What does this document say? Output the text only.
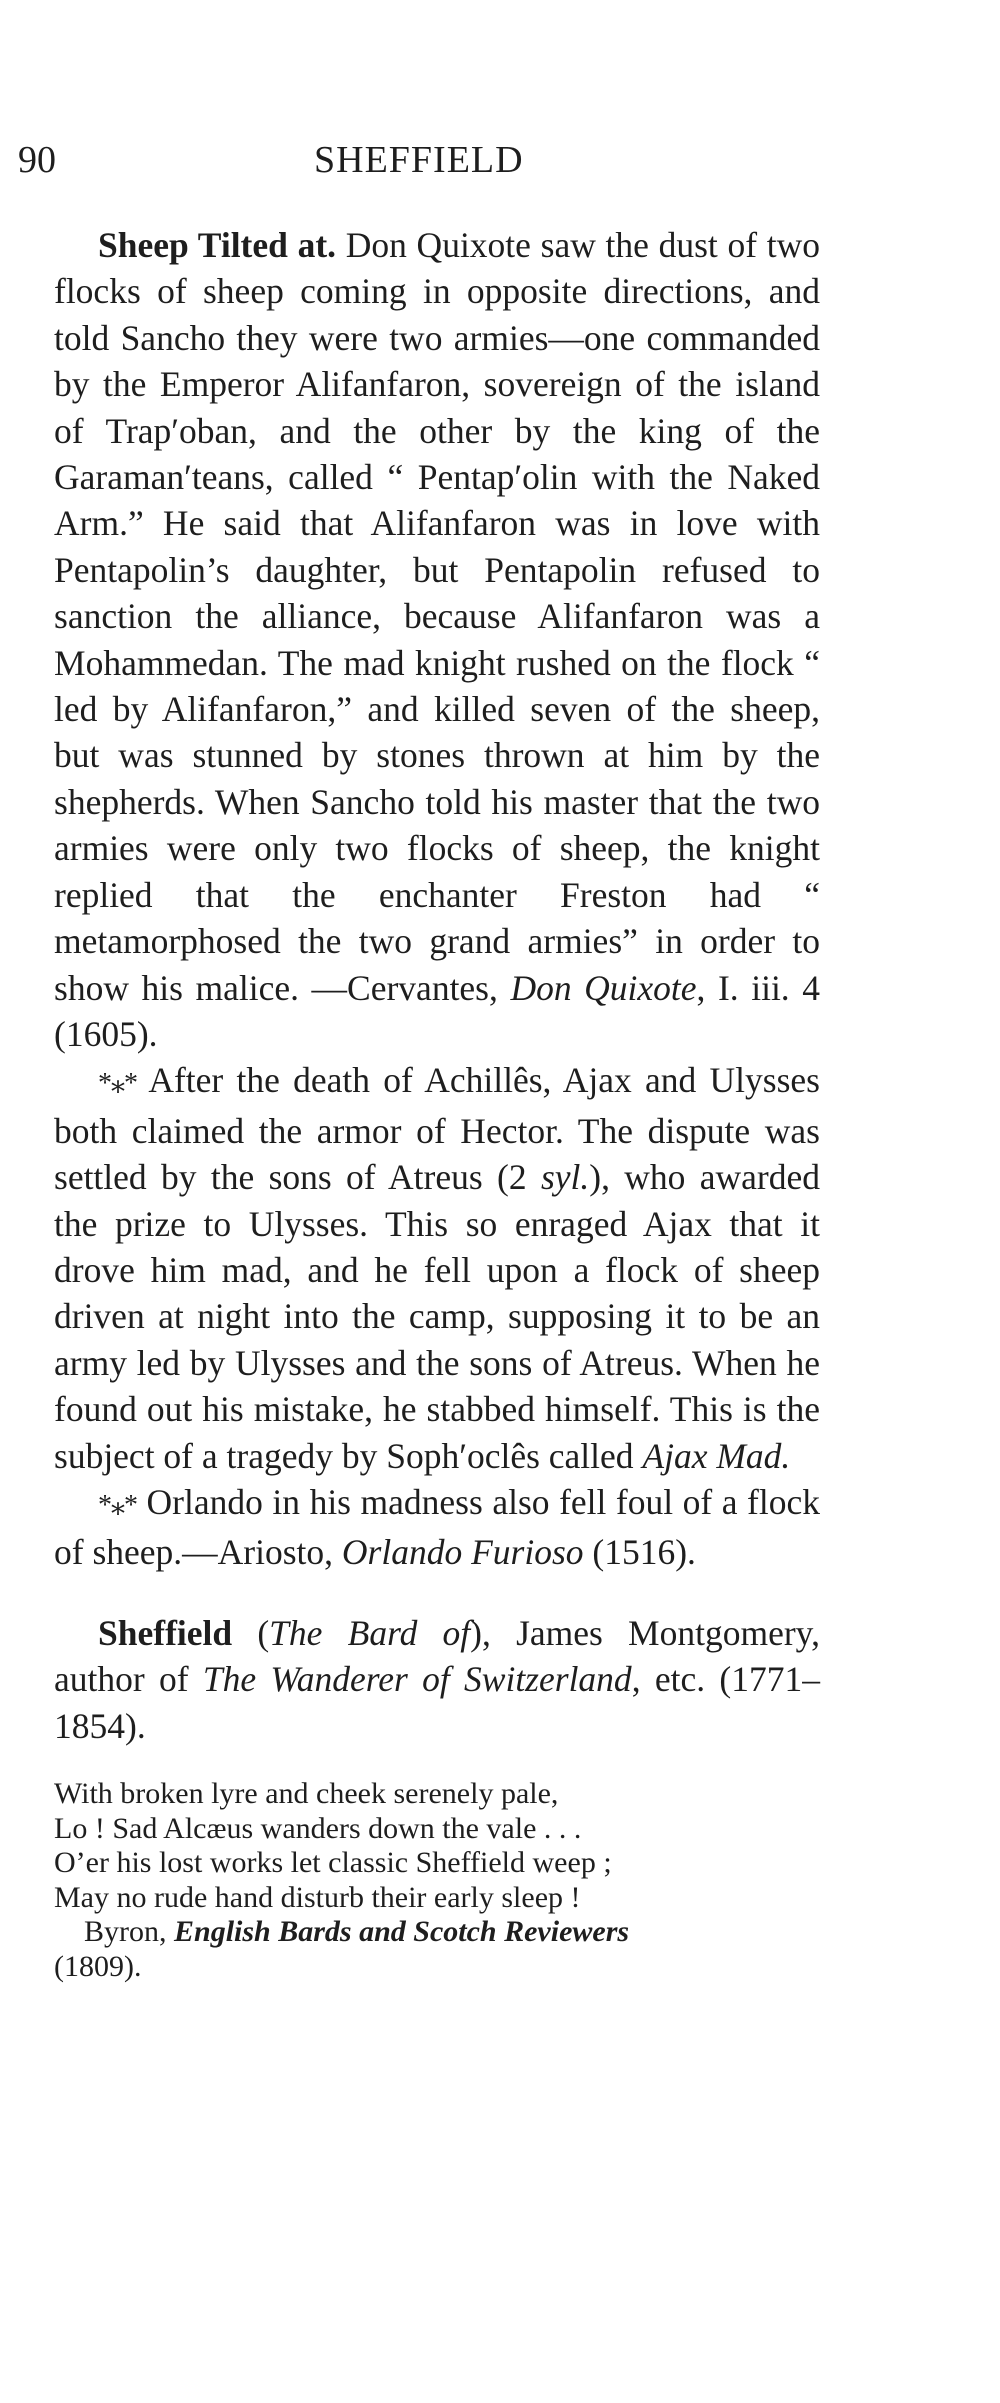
90	SHEFFIELD

Sheep Tilted at. Don Quixote saw the dust of two flocks of sheep coming in opposite directions, and told Sancho they were two armies—one commanded by the Emperor Alifanfaron, sovereign of the island of Trap′oban, and the other by the king of the Garaman′teans, called “ Pentap′olin with the Naked Arm.” He said that Alifanfaron was in love with Pentapolin’s daughter, but Pentapolin refused to sanction the alliance, because Alifanfaron was a Mohammedan. The mad knight rushed on the flock “ led by Alifanfaron,” and killed seven of the sheep, but was stunned by stones thrown at him by the shepherds. When Sancho told his master that the two armies were only two flocks of sheep, the knight replied that the enchanter Freston had “ metamorphosed the two grand armies” in order to show his malice. —Cervantes, Don Quixote, I. iii. 4 (1605).

*⁎* After the death of Achillês, Ajax and Ulysses both claimed the armor of Hector. The dispute was settled by the sons of Atreus (2 syl.), who awarded the prize to Ulysses. This so enraged Ajax that it drove him mad, and he fell upon a flock of sheep driven at night into the camp, supposing it to be an army led by Ulysses and the sons of Atreus. When he found out his mistake, he stabbed himself. This is the subject of a tragedy by Soph′oclês called Ajax Mad.

*⁎* Orlando in his madness also fell foul of a flock of sheep.—Ariosto, Orlando Furioso (1516).

Sheffield (The Bard of), James Montgomery, author of The Wanderer of Switzerland, etc. (1771–1854).

With broken lyre and cheek serenely pale,
Lo ! Sad Alcæus wanders down the vale . . .
O’er his lost works let classic Sheffield weep ;
May no rude hand disturb their early sleep !
Byron, English Bards and Scotch Reviewers
(1809).
